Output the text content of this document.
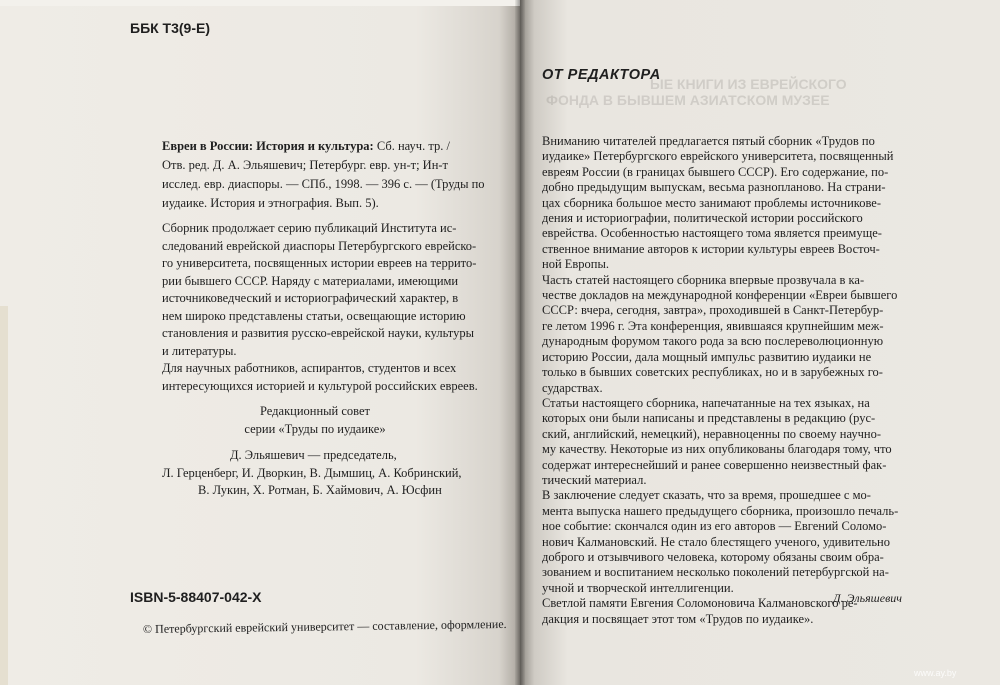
ББК Т3(9-Е)
Евреи в России: История и культура: Сб. науч. тр. /
Отв. ред. Д. А. Эльяшевич; Петербург. евр. ун-т; Ин-т
исслед. евр. диаспоры. — СПб., 1998. — 396 с. — (Труды по
иудаике. История и этнография. Вып. 5).
Сборник продолжает серию публикаций Института ис-
следований еврейской диаспоры Петербургского еврейско-
го университета, посвященных истории евреев на террито-
рии бывшего СССР. Наряду с материалами, имеющими
источниковедческий и историографический характер, в
нем широко представлены статьи, освещающие историю
становления и развития русско-еврейской науки, культуры
и литературы.
Для научных работников, аспирантов, студентов и всех
интересующихся историей и культурой российских евреев.
Редакционный совет
серии «Труды по иудаике»
Д. Эльяшевич — председатель,
Л. Герценберг, И. Дворкин, В. Дымшиц, А. Кобринский,
В. Лукин, Х. Ротман, Б. Хаймович, А. Юсфин
ISBN-5-88407-042-X
© Петербургский еврейский университет — составление, оформление.
ЫЕ КНИГИ ИЗ ЕВРЕЙСКОГО
ФОНДА В БЫВШЕМ АЗИАТСКОМ МУЗЕЕ
ОТ РЕДАКТОРА
Вниманию читателей предлагается пятый сборник «Трудов по
иудаике» Петербургского еврейского университета, посвященный
евреям России (в границах бывшего СССР). Его содержание, по-
добно предыдущим выпускам, весьма разнопланово. На страни-
цах сборника большое место занимают проблемы источникове-
дения и историографии, политической истории российского
еврейства. Особенностью настоящего тома является преимуще-
ственное внимание авторов к истории культуры евреев Восточ-
ной Европы.
Часть статей настоящего сборника впервые прозвучала в ка-
честве докладов на международной конференции «Евреи бывшего
СССР: вчера, сегодня, завтра», проходившей в Санкт-Петербур-
ге летом 1996 г. Эта конференция, явившаяся крупнейшим меж-
дународным форумом такого рода за всю послереволюционную
историю России, дала мощный импульс развитию иудаики не
только в бывших советских республиках, но и в зарубежных го-
сударствах.
Статьи настоящего сборника, напечатанные на тех языках, на
которых они были написаны и представлены в редакцию (рус-
ский, английский, немецкий), неравноценны по своему научно-
му качеству. Некоторые из них опубликованы благодаря тому, что
содержат интереснейший и ранее совершенно неизвестный фак-
тический материал.
В заключение следует сказать, что за время, прошедшее с мо-
мента выпуска нашего предыдущего сборника, произошло печаль-
ное событие: скончался один из его авторов — Евгений Соломо-
нович Калмановский. Не стало блестящего ученого, удивительно
доброго и отзывчивого человека, которому обязаны своим обра-
зованием и воспитанием несколько поколений петербургской на-
учной и творческой интеллигенции.
Светлой памяти Евгения Соломоновича Калмановского ре-
дакция и посвящает этот том «Трудов по иудаике».
Д. Эльяшевич
www.ay.by
